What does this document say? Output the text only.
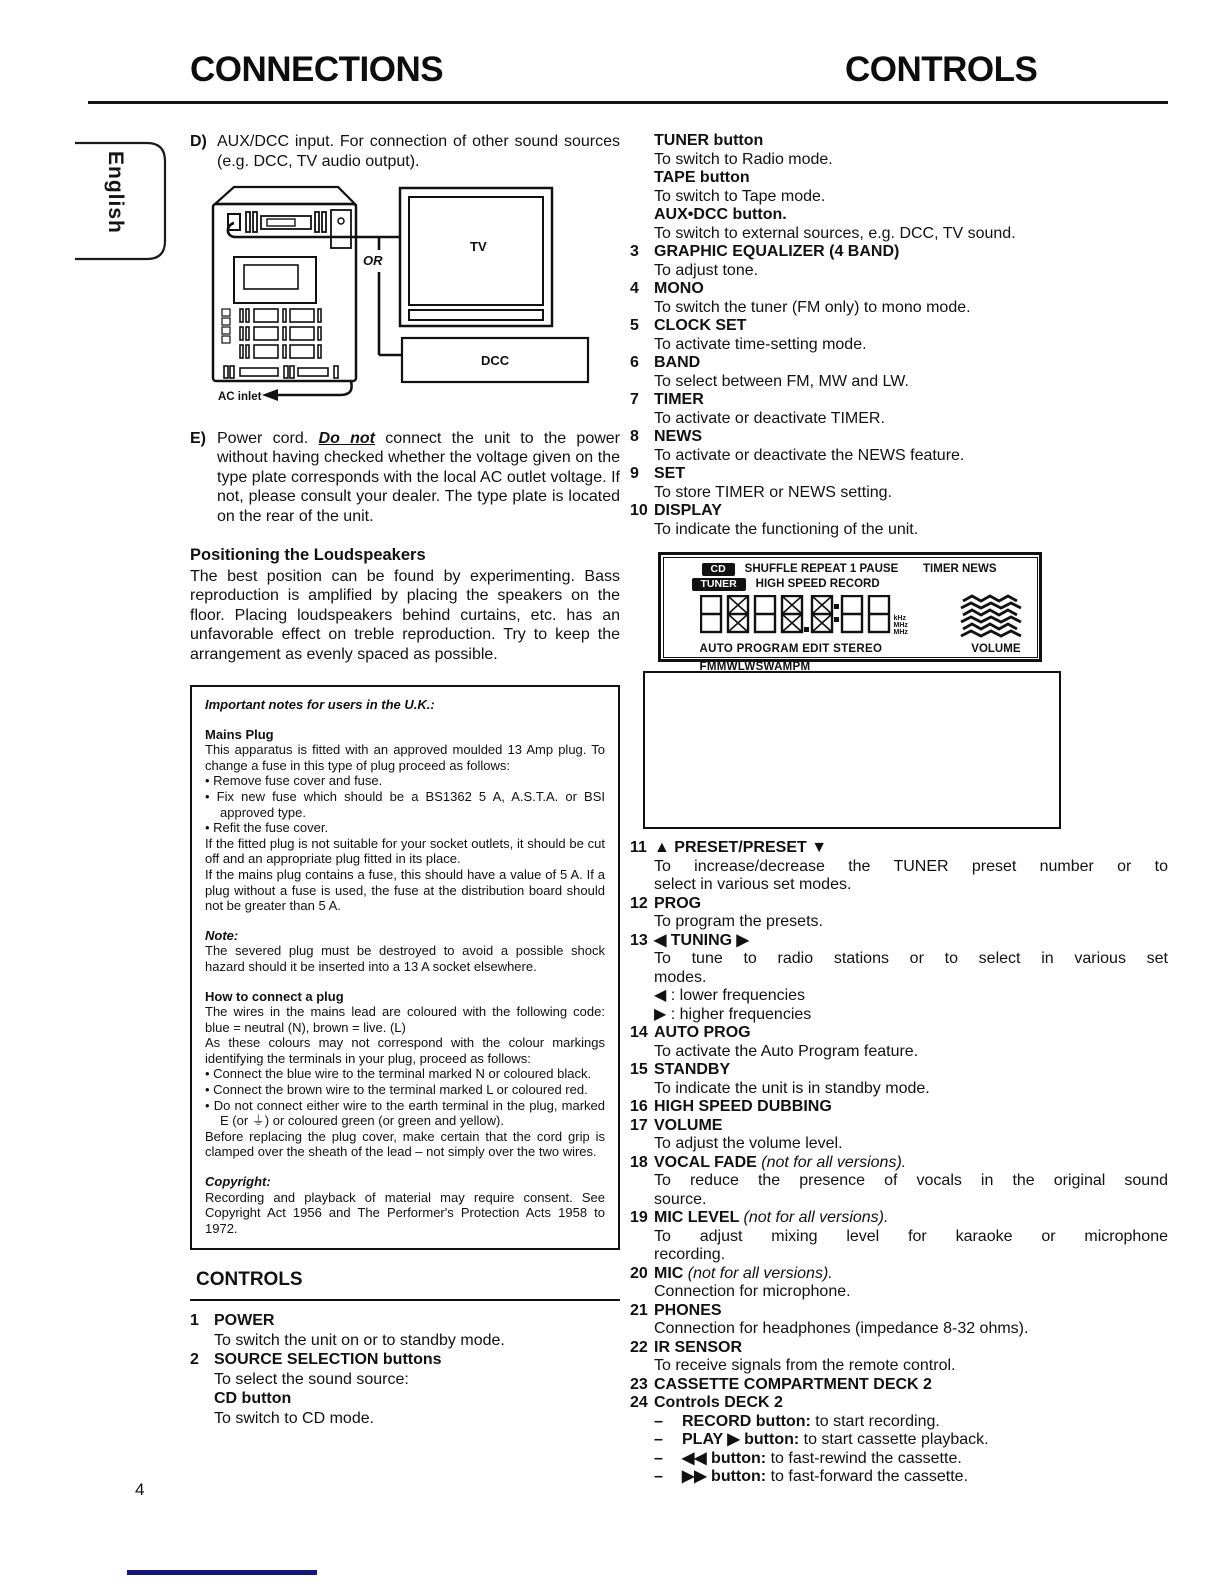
CONNECTIONS	CONTROLS
English

D) AUX/DCC input. For connection of other sound sources (e.g. DCC, TV audio output).

OR
TV
DCC
AC inlet

E) Power cord. Do not connect the unit to the power without having checked whether the voltage given on the type plate corresponds with the local AC outlet voltage. If not, please consult your dealer. The type plate is located on the rear of the unit.

Positioning the Loudspeakers

The best position can be found by experimenting. Bass reproduction is amplified by placing the speakers on the floor. Placing loudspeakers behind curtains, etc. has an unfavorable effect on treble reproduction. Try to keep the arrangement as evenly spaced as possible.

Important notes for users in the U.K.:

Mains Plug

This apparatus is fitted with an approved moulded 13 Amp plug. To change a fuse in this type of plug proceed as follows:

• Remove fuse cover and fuse.

• Fix new fuse which should be a BS1362 5 A, A.S.T.A. or BSI approved type.

• Refit the fuse cover.

If the fitted plug is not suitable for your socket outlets, it should be cut off and an appropriate plug fitted in its place.

If the mains plug contains a fuse, this should have a value of 5 A. If a plug without a fuse is used, the fuse at the distribution board should not be greater than 5 A.

Note:

The severed plug must be destroyed to avoid a possible shock hazard should it be inserted into a 13 A socket elsewhere.

How to connect a plug

The wires in the mains lead are coloured with the following code: blue = neutral (N), brown = live. (L)

As these colours may not correspond with the colour markings identifying the terminals in your plug, proceed as follows:

• Connect the blue wire to the terminal marked N or coloured black.

• Connect the brown wire to the terminal marked L or coloured red.

• Do not connect either wire to the earth terminal in the plug, marked E (or ⏚) or coloured green (or green and yellow).

Before replacing the plug cover, make certain that the cord grip is clamped over the sheath of the lead – not simply over the two wires.

Copyright:

Recording and playback of material may require consent. See Copyright Act 1956 and The Performer's Protection Acts 1958 to 1972.

CONTROLS
1 POWER
To switch the unit on or to standby mode.
2 SOURCE SELECTION buttons
To select the sound source:
CD button
To switch to CD mode.
TUNER button
To switch to Radio mode.
TAPE button
To switch to Tape mode.
AUX•DCC button.
To switch to external sources, e.g. DCC, TV sound.
3 GRAPHIC EQUALIZER (4 BAND)
To adjust tone.
4 MONO
To switch the tuner (FM only) to mono mode.
5 CLOCK SET
To activate time-setting mode.
6 BAND
To select between FM, MW and LW.
7 TIMER
To activate or deactivate TIMER.
8 NEWS
To activate or deactivate the NEWS feature.
9 SET
To store TIMER or NEWS setting.
10 DISPLAY
To indicate the functioning of the unit.
CD	SHUFFLE REPEAT 1 PAUSE TIMER NEWS
TUNER	HIGH SPEED RECORD
kHz
MHz
MHz
AUTO PROGRAM EDIT STEREO FMMWLWSWAMPM
VOLUME
11 ▲ PRESET/PRESET ▼
To increase/decrease the TUNER preset number or to
select in various set modes.
12 PROG
To program the presets.
13 ◀ TUNING ▶
To tune to radio stations or to select in various set
modes.
◀ : lower frequencies
▶ : higher frequencies
14 AUTO PROG
To activate the Auto Program feature.
15 STANDBY
To indicate the unit is in standby mode.
16 HIGH SPEED DUBBING
17 VOLUME
To adjust the volume level.
18 VOCAL FADE (not for all versions).
To reduce the presence of vocals in the original sound
source.
19 MIC LEVEL (not for all versions).
To adjust mixing level for karaoke or microphone
recording.
20 MIC (not for all versions).
Connection for microphone.
21 PHONES
Connection for headphones (impedance 8-32 ohms).
22 IR SENSOR
To receive signals from the remote control.
23 CASSETTE COMPARTMENT DECK 2
24 Controls DECK 2
– RECORD button: to start recording.
– PLAY ▶ button: to start cassette playback.
– ◀◀ button: to fast-rewind the cassette.
– ▶▶ button: to fast-forward the cassette.
4
